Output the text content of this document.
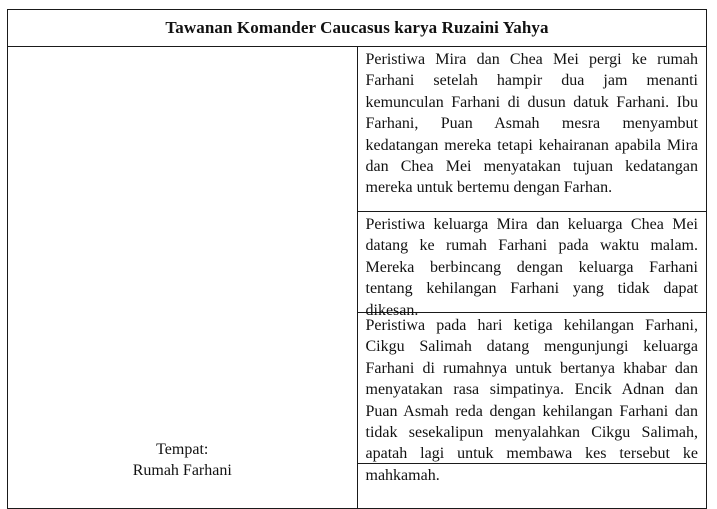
Tawanan Komander Caucasus karya Ruzaini Yahya

Tempat:
Rumah Farhani

Peristiwa Mira dan Chea Mei pergi ke rumah Farhani setelah hampir dua jam menanti kemunculan Farhani di dusun datuk Farhani. Ibu Farhani, Puan Asmah mesra menyambut kedatangan mereka tetapi kehairanan apabila Mira dan Chea Mei menyatakan tujuan kedatangan mereka untuk bertemu dengan Farhan.
Peristiwa keluarga Mira dan keluarga Chea Mei datang ke rumah Farhani pada waktu malam. Mereka berbincang dengan keluarga Farhani tentang kehilangan Farhani yang tidak dapat dikesan.
Peristiwa pada hari ketiga kehilangan Farhani, Cikgu Salimah datang mengunjungi keluarga Farhani di rumahnya untuk bertanya khabar dan menyatakan rasa simpatinya. Encik Adnan dan Puan Asmah reda dengan kehilangan Farhani dan tidak sesekalipun menyalahkan Cikgu Salimah, apatah lagi untuk membawa kes tersebut ke mahkamah.
